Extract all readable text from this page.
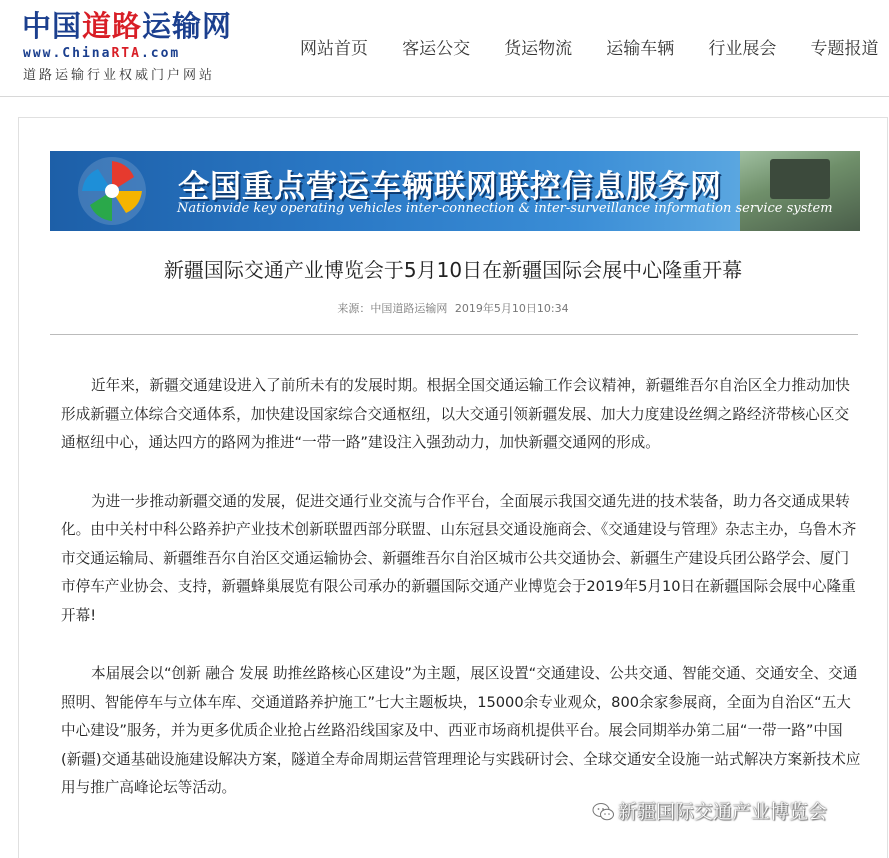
中国道路运输网
www.ChinaRTA.com
道路运输行业权威门户网站
网站首页 客运公交 货运物流 运输车辆 行业展会 专题报道
全国重点营运车辆联网联控信息服务网
Nationvide key operating vehicles inter-connection & inter-surveillance information service system
新疆国际交通产业博览会于5月10日在新疆国际会展中心隆重开幕
来源：中国道路运输网 2019年5月10日10:34

近年来，新疆交通建设进入了前所未有的发展时期。根据全国交通运输工作会议精神，新疆维吾尔自治区全力推动加快形成新疆立体综合交通体系，加快建设国家综合交通枢纽，以大交通引领新疆发展、加大力度建设丝绸之路经济带核心区交通枢纽中心，通达四方的路网为推进“一带一路”建设注入强劲动力，加快新疆交通网的形成。

为进一步推动新疆交通的发展，促进交通行业交流与合作平台，全面展示我国交通先进的技术装备，助力各交通成果转化。由中关村中科公路养护产业技术创新联盟西部分联盟、山东冠县交通设施商会、《交通建设与管理》杂志主办，乌鲁木齐市交通运输局、新疆维吾尔自治区交通运输协会、新疆维吾尔自治区城市公共交通协会、新疆生产建设兵团公路学会、厦门市停车产业协会、支持，新疆蜂巢展览有限公司承办的新疆国际交通产业博览会于2019年5月10日在新疆国际会展中心隆重开幕!

本届展会以“创新 融合 发展 助推丝路核心区建设”为主题，展区设置“交通建设、公共交通、智能交通、交通安全、交通照明、智能停车与立体车库、交通道路养护施工”七大主题板块，15000余专业观众，800余家参展商，全面为自治区“五大中心建设”服务，并为更多优质企业抢占丝路沿线国家及中、西亚市场商机提供平台。展会同期举办第二届“一带一路”中国(新疆)交通基础设施建设解决方案，隧道全寿命周期运营管理理论与实践研讨会、全球交通安全设施一站式解决方案新技术应用与推广高峰论坛等活动。

新疆国际交通产业博览会
